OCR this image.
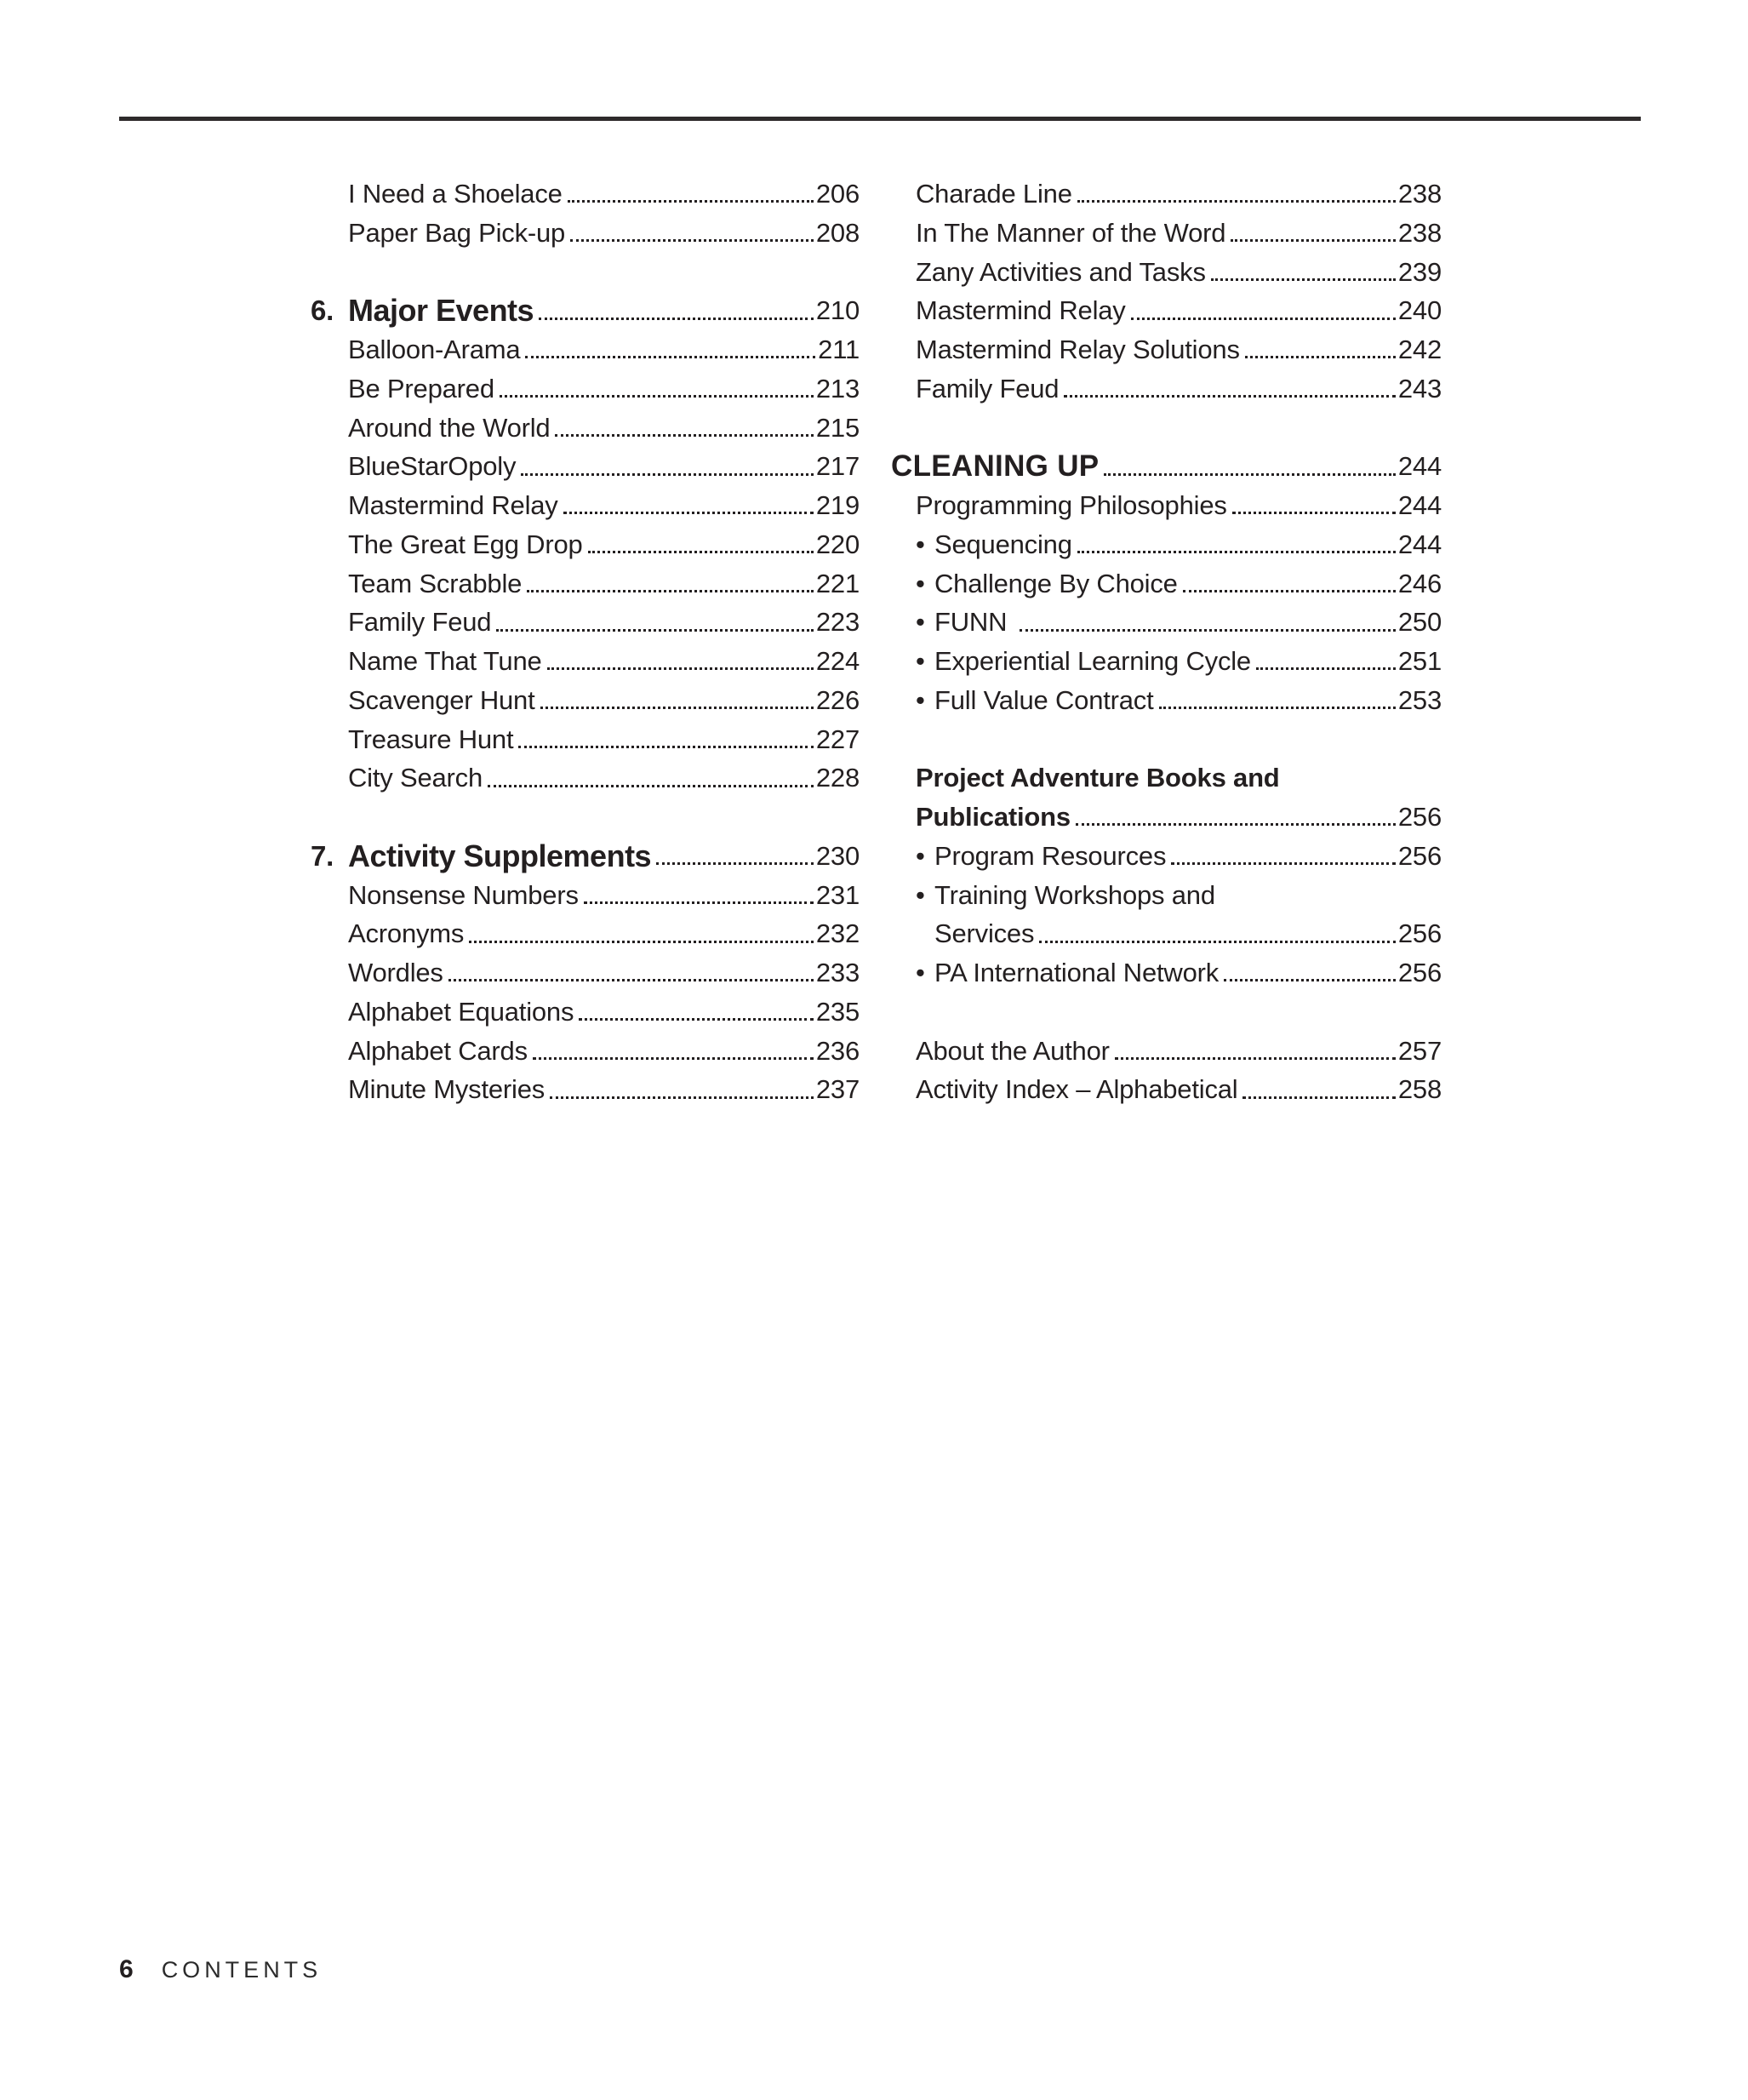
I Need a Shoelace	206
Paper Bag Pick-up	208
6. Major Events	210
Balloon-Arama	211
Be Prepared	213
Around the World	215
BlueStarOpoly	217
Mastermind Relay	219
The Great Egg Drop	220
Team Scrabble	221
Family Feud	223
Name That Tune	224
Scavenger Hunt	226
Treasure Hunt	227
City Search	228
7. Activity Supplements	230
Nonsense Numbers	231
Acronyms	232
Wordles	233
Alphabet Equations	235
Alphabet Cards	236
Minute Mysteries	237
Charade Line	238
In The Manner of the Word	238
Zany Activities and Tasks	239
Mastermind Relay	240
Mastermind Relay Solutions	242
Family Feud	243
CLEANING UP	244
Programming Philosophies	244
• Sequencing	244
• Challenge By Choice	246
• FUNN	250
• Experiential Learning Cycle	251
• Full Value Contract	253
Project Adventure Books and
Publications	256
• Program Resources	256
• Training Workshops and
Services	256
• PA International Network	256
About the Author	257
Activity Index – Alphabetical	258
6 CONTENTS
